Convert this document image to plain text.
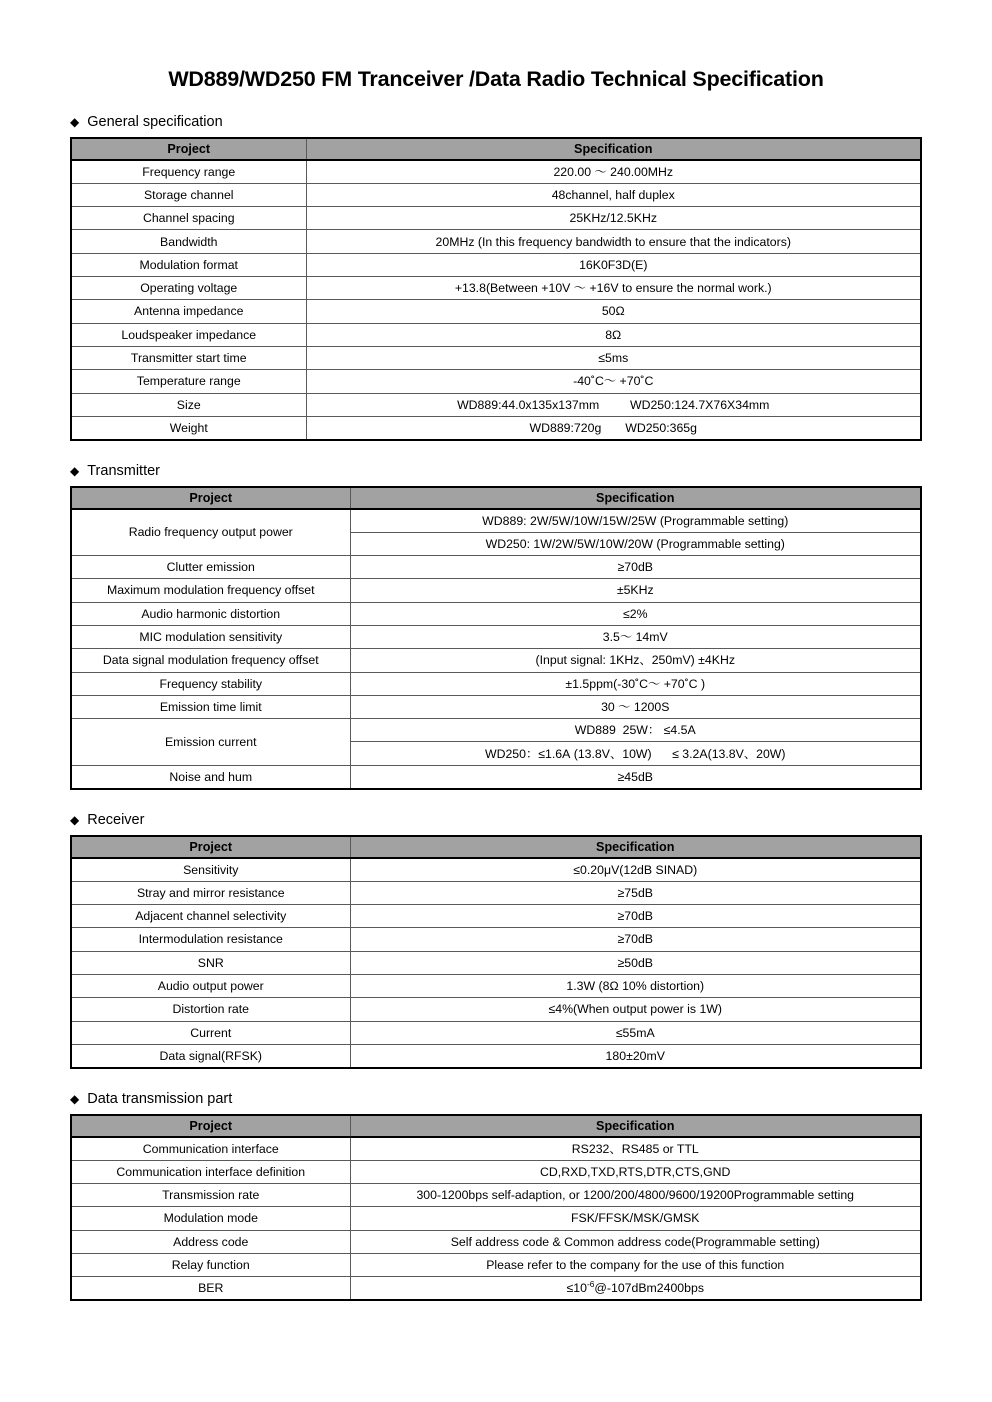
WD889/WD250 FM Tranceiver /Data Radio Technical Specification
◆ General specification
Project	Specification
Frequency range	220.00 ～ 240.00MHz
Storage channel	48channel, half duplex
Channel spacing	25KHz/12.5KHz
Bandwidth	20MHz (In this frequency bandwidth to ensure that the indicators)
Modulation format	16K0F3D(E)
Operating voltage	+13.8(Between +10V ～ +16V to ensure the normal work.)
Antenna impedance	50Ω
Loudspeaker impedance	8Ω
Transmitter start time	≤5ms
Temperature range	-40˚C～ +70˚C
Size	WD889:44.0x135x137mm         WD250:124.7X76X34mm
Weight	WD889:720g       WD250:365g
◆ Transmitter
Project	Specification
Radio frequency output power	WD889: 2W/5W/10W/15W/25W (Programmable setting)
	WD250: 1W/2W/5W/10W/20W (Programmable setting)
Clutter emission	≥70dB
Maximum modulation frequency offset	±5KHz
Audio harmonic distortion	≤2%
MIC modulation sensitivity	3.5～ 14mV
Data signal modulation frequency offset	(Input signal: 1KHz、250mV) ±4KHz
Frequency stability	±1.5ppm(-30˚C～ +70˚C )
Emission time limit	30 ～ 1200S
Emission current	WD889  25W： ≤4.5A
	WD250：≤1.6A (13.8V、10W)      ≤ 3.2A(13.8V、20W)
Noise and hum	≥45dB
◆ Receiver
Project	Specification
Sensitivity	≤0.20μV(12dB SINAD)
Stray and mirror resistance	≥75dB
Adjacent channel selectivity	≥70dB
Intermodulation resistance	≥70dB
SNR	≥50dB
Audio output power	1.3W (8Ω 10% distortion)
Distortion rate	≤4%(When output power is 1W)
Current	≤55mA
Data signal(RFSK)	180±20mV
◆ Data transmission part
Project	Specification
Communication interface	RS232、RS485 or TTL
Communication interface definition	CD,RXD,TXD,RTS,DTR,CTS,GND
Transmission rate	300-1200bps self-adaption, or 1200/200/4800/9600/19200Programmable setting
Modulation mode	FSK/FFSK/MSK/GMSK
Address code	Self address code & Common address code(Programmable setting)
Relay function	Please refer to the company for the use of this function
BER	$\le 10^{-6}@-107dBm2400bps$
